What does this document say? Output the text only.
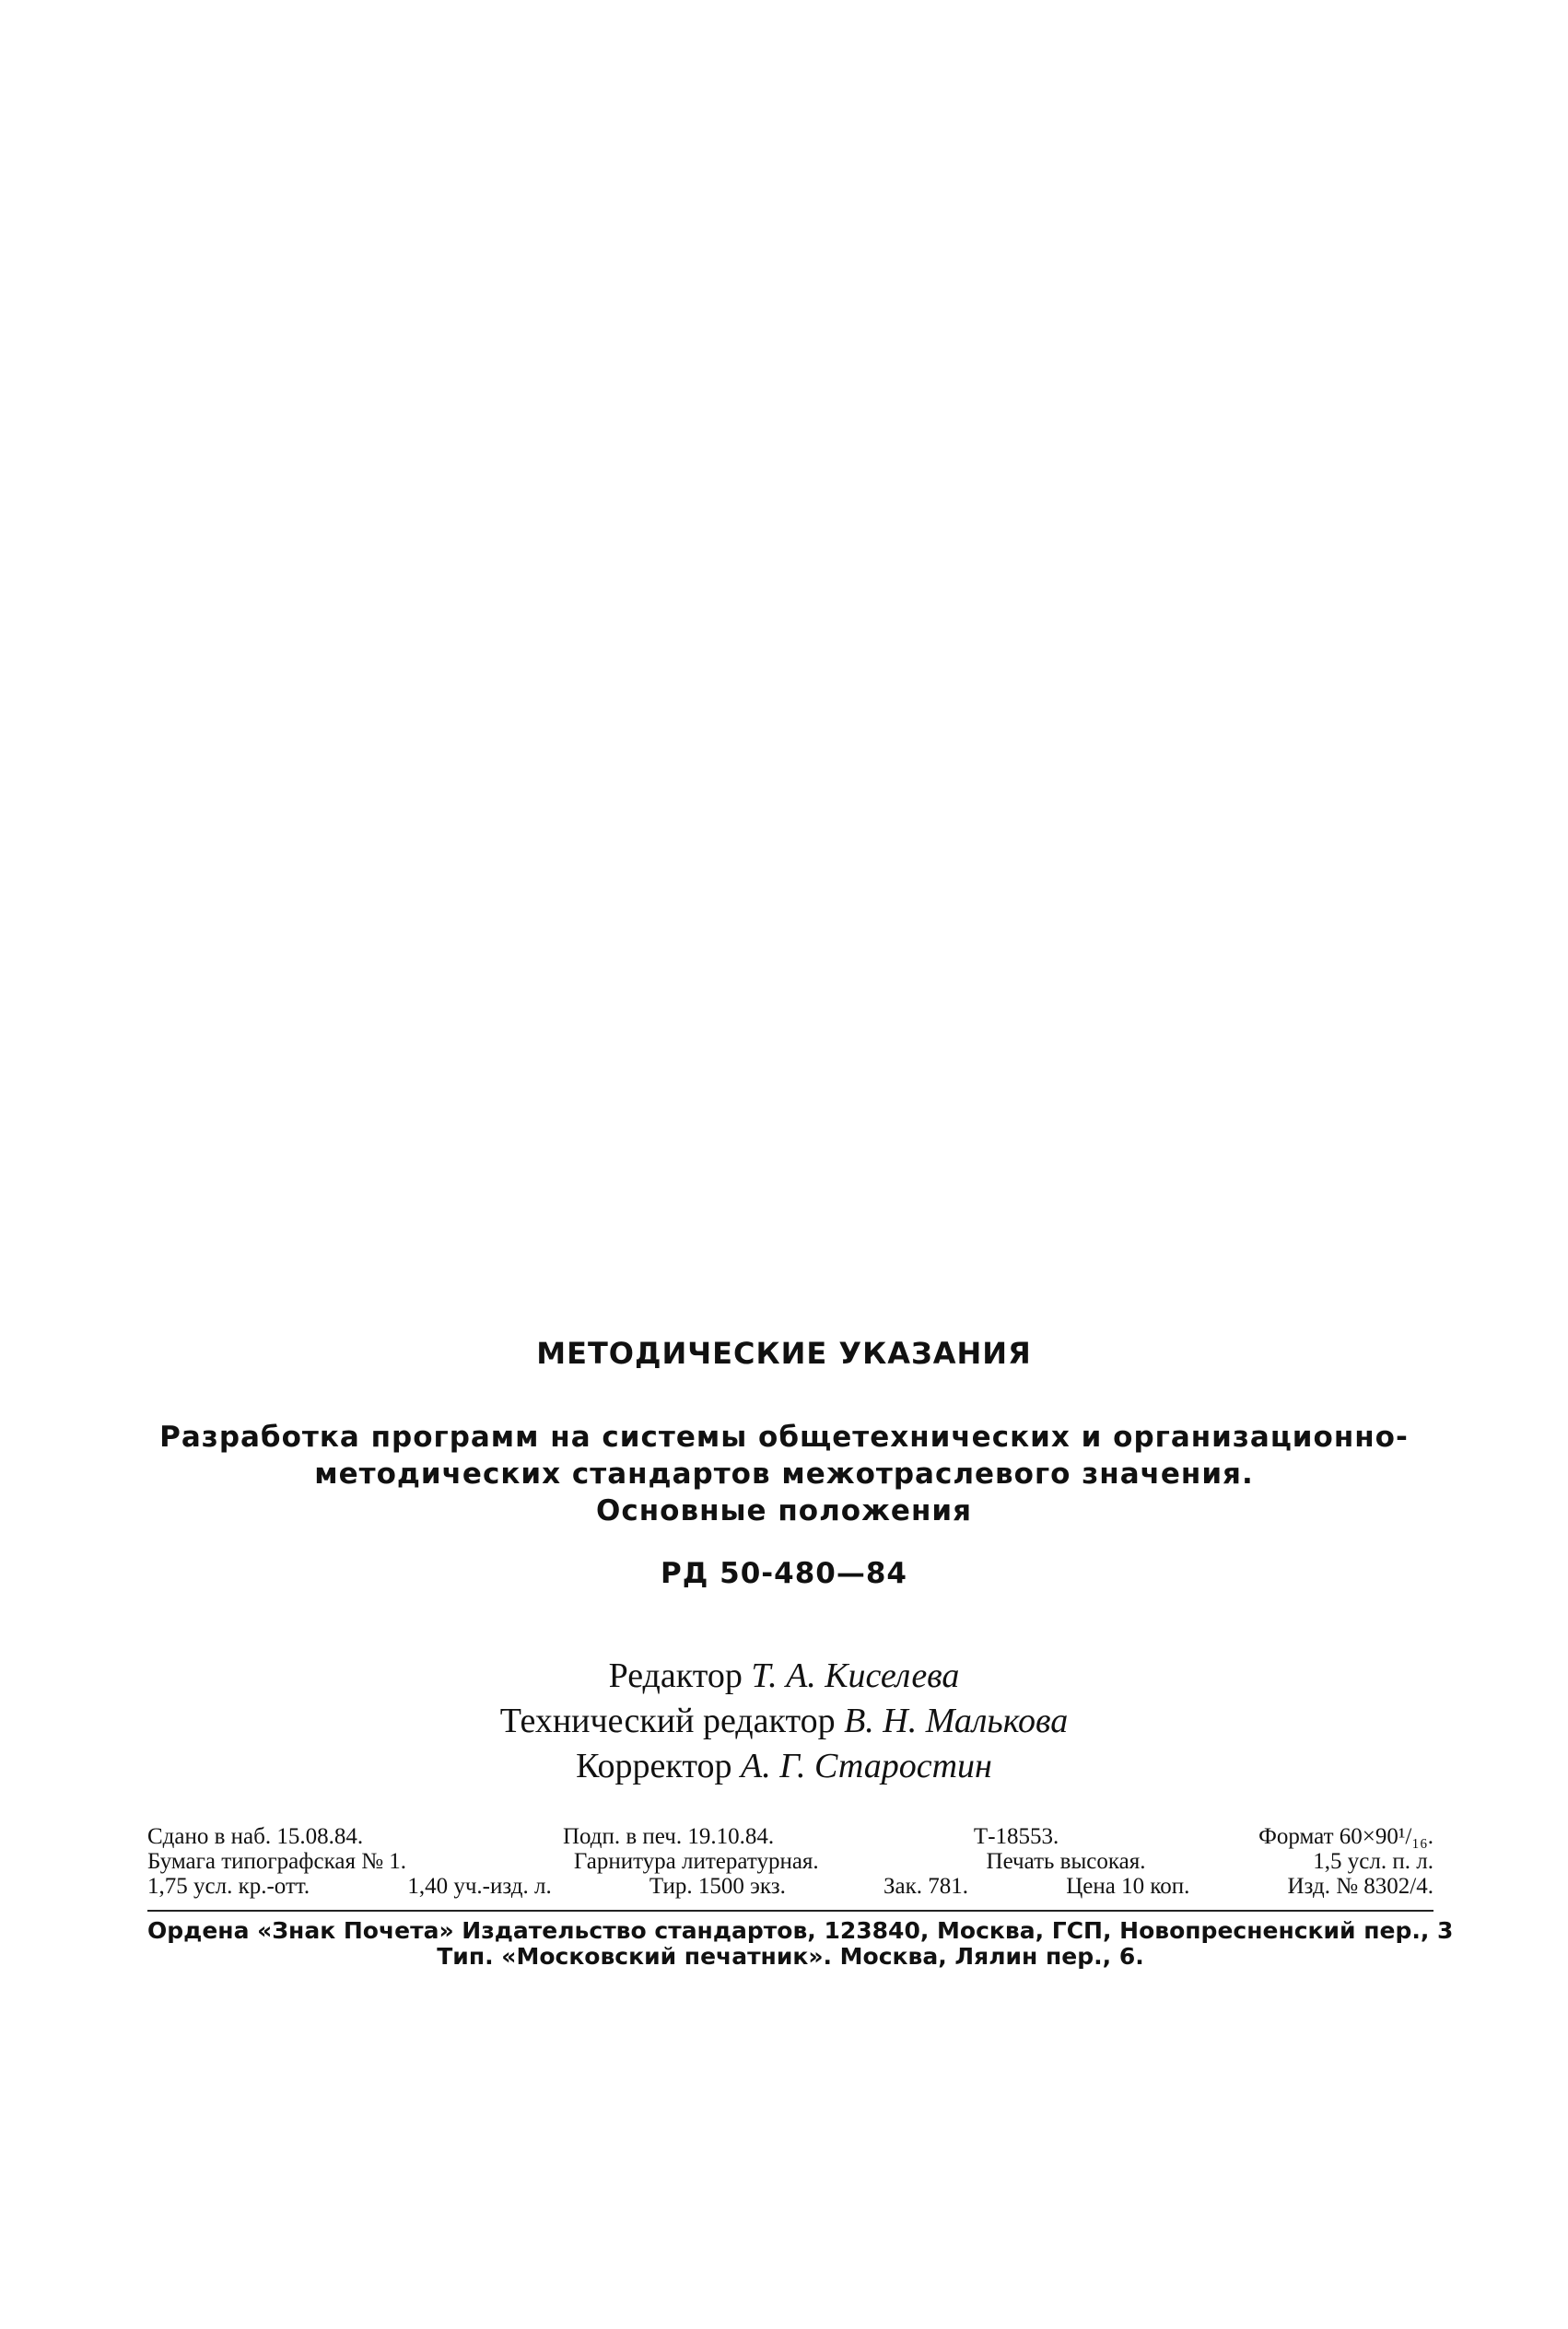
МЕТОДИЧЕСКИЕ УКАЗАНИЯ
Разработка программ на системы общетехнических и организационно-
методических стандартов межотраслевого значения.
Основные положения
РД 50-480—84
Редактор Т. А. Киселева
Технический редактор В. Н. Малькова
Корректор А. Г. Старостин
Сдано в наб. 15.08.84.	Подп. в печ. 19.10.84.	Т-18553.	Формат 60×90¹/₁₆.
Бумага типографская № 1.	Гарнитура литературная.	Печать высокая.	1,5 усл. п. л.
1,75 усл. кр.-отт.	1,40 уч.-изд. л.	Тир. 1500 экз.	Зак. 781.	Цена 10 коп.	Изд. № 8302/4.
Ордена «Знак Почета» Издательство стандартов, 123840, Москва, ГСП, Новопресненский пер., 3
Тип. «Московский печатник». Москва, Лялин пер., 6.
